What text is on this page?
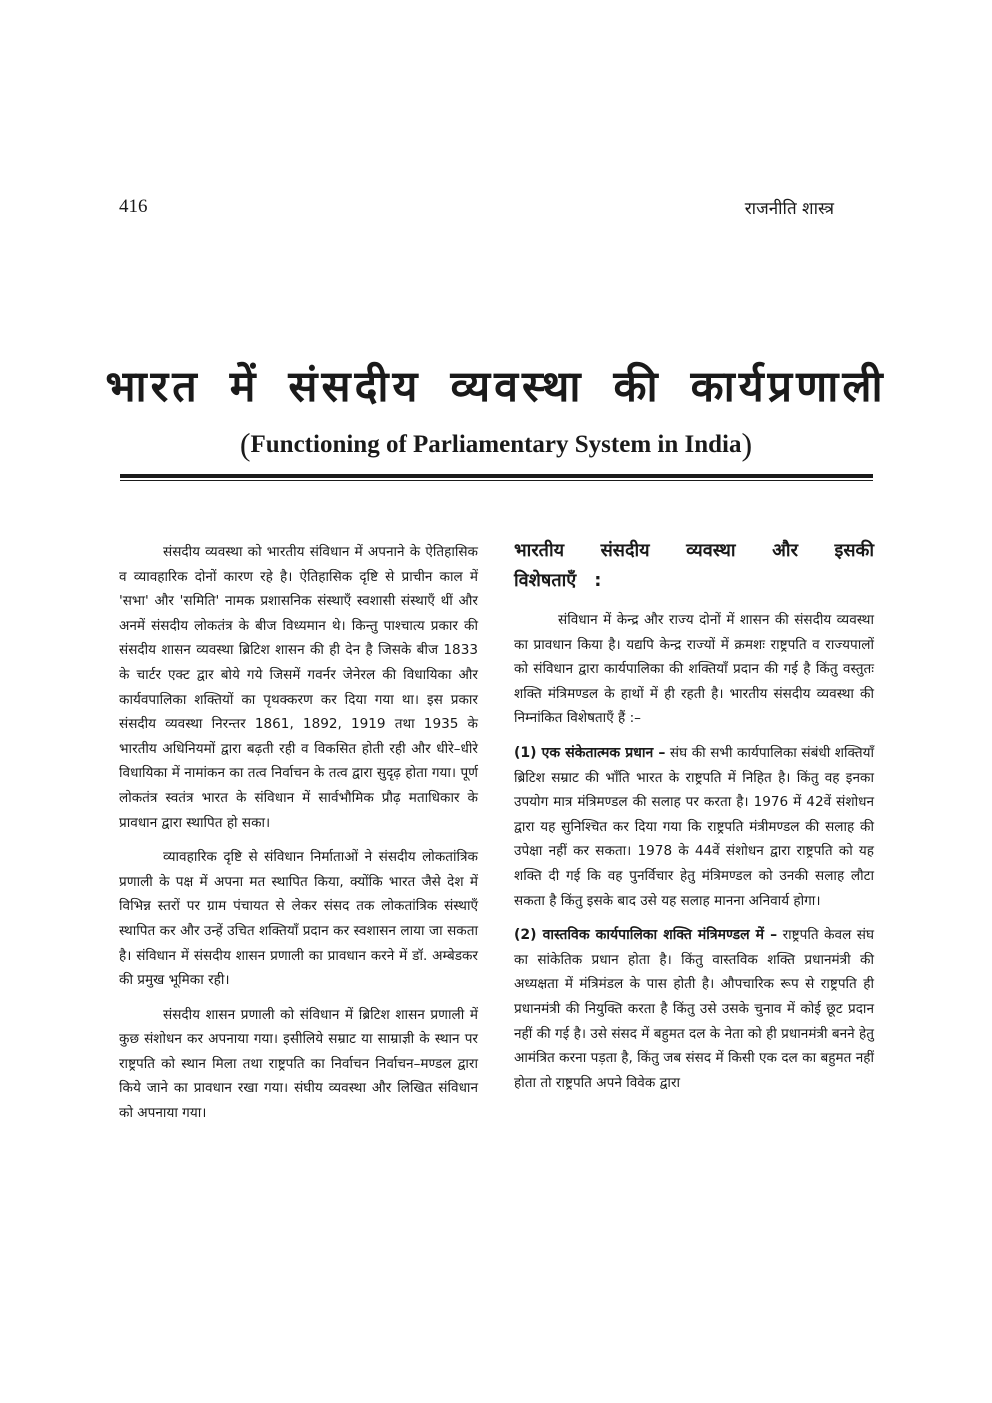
416	राजनीति शास्त्र
भारत में संसदीय व्यवस्था की कार्यप्रणाली
(Functioning of Parliamentary System in India)

संसदीय व्यवस्था को भारतीय संविधान में अपनाने के ऐतिहासिक व व्यावहारिक दोनों कारण रहे है। ऐतिहासिक दृष्टि से प्राचीन काल में 'सभा' और 'समिति' नामक प्रशासनिक संस्थाएँ स्वशासी संस्थाएँ थीं और अनमें संसदीय लोकतंत्र के बीज विध्यमान थे। किन्तु पाश्चात्य प्रकार की संसदीय शासन व्यवस्था ब्रिटिश शासन की ही देन है जिसके बीज 1833 के चार्टर एक्ट द्वार बोये गये जिसमें गवर्नर जेनेरल की विधायिका और कार्यवपालिका शक्तियों का पृथक्करण कर दिया गया था। इस प्रकार संसदीय व्यवस्था निरन्तर 1861, 1892, 1919 तथा 1935 के भारतीय अधिनियमों द्वारा बढ़ती रही व विकसित होती रही और धीरे–धीरे विधायिका में नामांकन का तत्व निर्वाचन के तत्व द्वारा सुदृढ़ होता गया। पूर्ण लोकतंत्र स्वतंत्र भारत के संविधान में सार्वभौमिक प्रौढ़ मताधिकार के प्रावधान द्वारा स्थापित हो सका।

व्यावहारिक दृष्टि से संविधान निर्माताओं ने संसदीय लोकतांत्रिक प्रणाली के पक्ष में अपना मत स्थापित किया, क्योंकि भारत जैसे देश में विभिन्न स्तरों पर ग्राम पंचायत से लेकर संसद तक लोकतांत्रिक संस्थाएँ स्थापित कर और उन्हें उचित शक्तियाँ प्रदान कर स्वशासन लाया जा सकता है। संविधान में संसदीय शासन प्रणाली का प्रावधान करने में डॉ. अम्बेडकर की प्रमुख भूमिका रही।

संसदीय शासन प्रणाली को संविधान में ब्रिटिश शासन प्रणाली में कुछ संशोधन कर अपनाया गया। इसीलिये सम्राट या साम्राज्ञी के स्थान पर राष्ट्रपति को स्थान मिला तथा राष्ट्रपति का निर्वाचन निर्वाचन–मण्डल द्वारा किये जाने का प्रावधान रखा गया। संघीय व्यवस्था और लिखित संविधान को अपनाया गया।

भारतीय संसदीय व्यवस्था और इसकी
विशेषताएँ :

संविधान में केन्द्र और राज्य दोनों में शासन की संसदीय व्यवस्था का प्रावधान किया है। यद्यपि केन्द्र राज्यों में क्रमशः राष्ट्रपति व राज्यपालों को संविधान द्वारा कार्यपालिका की शक्तियाँ प्रदान की गई है किंतु वस्तुतः शक्ति मंत्रिमण्डल के हाथों में ही रहती है। भारतीय संसदीय व्यवस्था की निम्नांकित विशेषताएँ हैं :–

(1) एक संकेतात्मक प्रधान – संघ की सभी कार्यपालिका संबंधी शक्तियाँ ब्रिटिश सम्राट की भाँति भारत के राष्ट्रपति में निहित है। किंतु वह इनका उपयोग मात्र मंत्रिमण्डल की सलाह पर करता है। 1976 में 42वें संशोधन द्वारा यह सुनिश्चित कर दिया गया कि राष्ट्रपति मंत्रीमण्डल की सलाह की उपेक्षा नहीं कर सकता। 1978 के 44वें संशोधन द्वारा राष्ट्रपति को यह शक्ति दी गई कि वह पुनर्विचार हेतु मंत्रिमण्डल को उनकी सलाह लौटा सकता है किंतु इसके बाद उसे यह सलाह मानना अनिवार्य होगा।

(2) वास्तविक कार्यपालिका शक्ति मंत्रिमण्डल में – राष्ट्रपति केवल संघ का सांकेतिक प्रधान होता है। किंतु वास्तविक शक्ति प्रधानमंत्री की अध्यक्षता में मंत्रिमंडल के पास होती है। औपचारिक रूप से राष्ट्रपति ही प्रधानमंत्री की नियुक्ति करता है किंतु उसे उसके चुनाव में कोई छूट प्रदान नहीं की गई है। उसे संसद में बहुमत दल के नेता को ही प्रधानमंत्री बनने हेतु आमंत्रित करना पड़ता है, किंतु जब संसद में किसी एक दल का बहुमत नहीं होता तो राष्ट्रपति अपने विवेक द्वारा
